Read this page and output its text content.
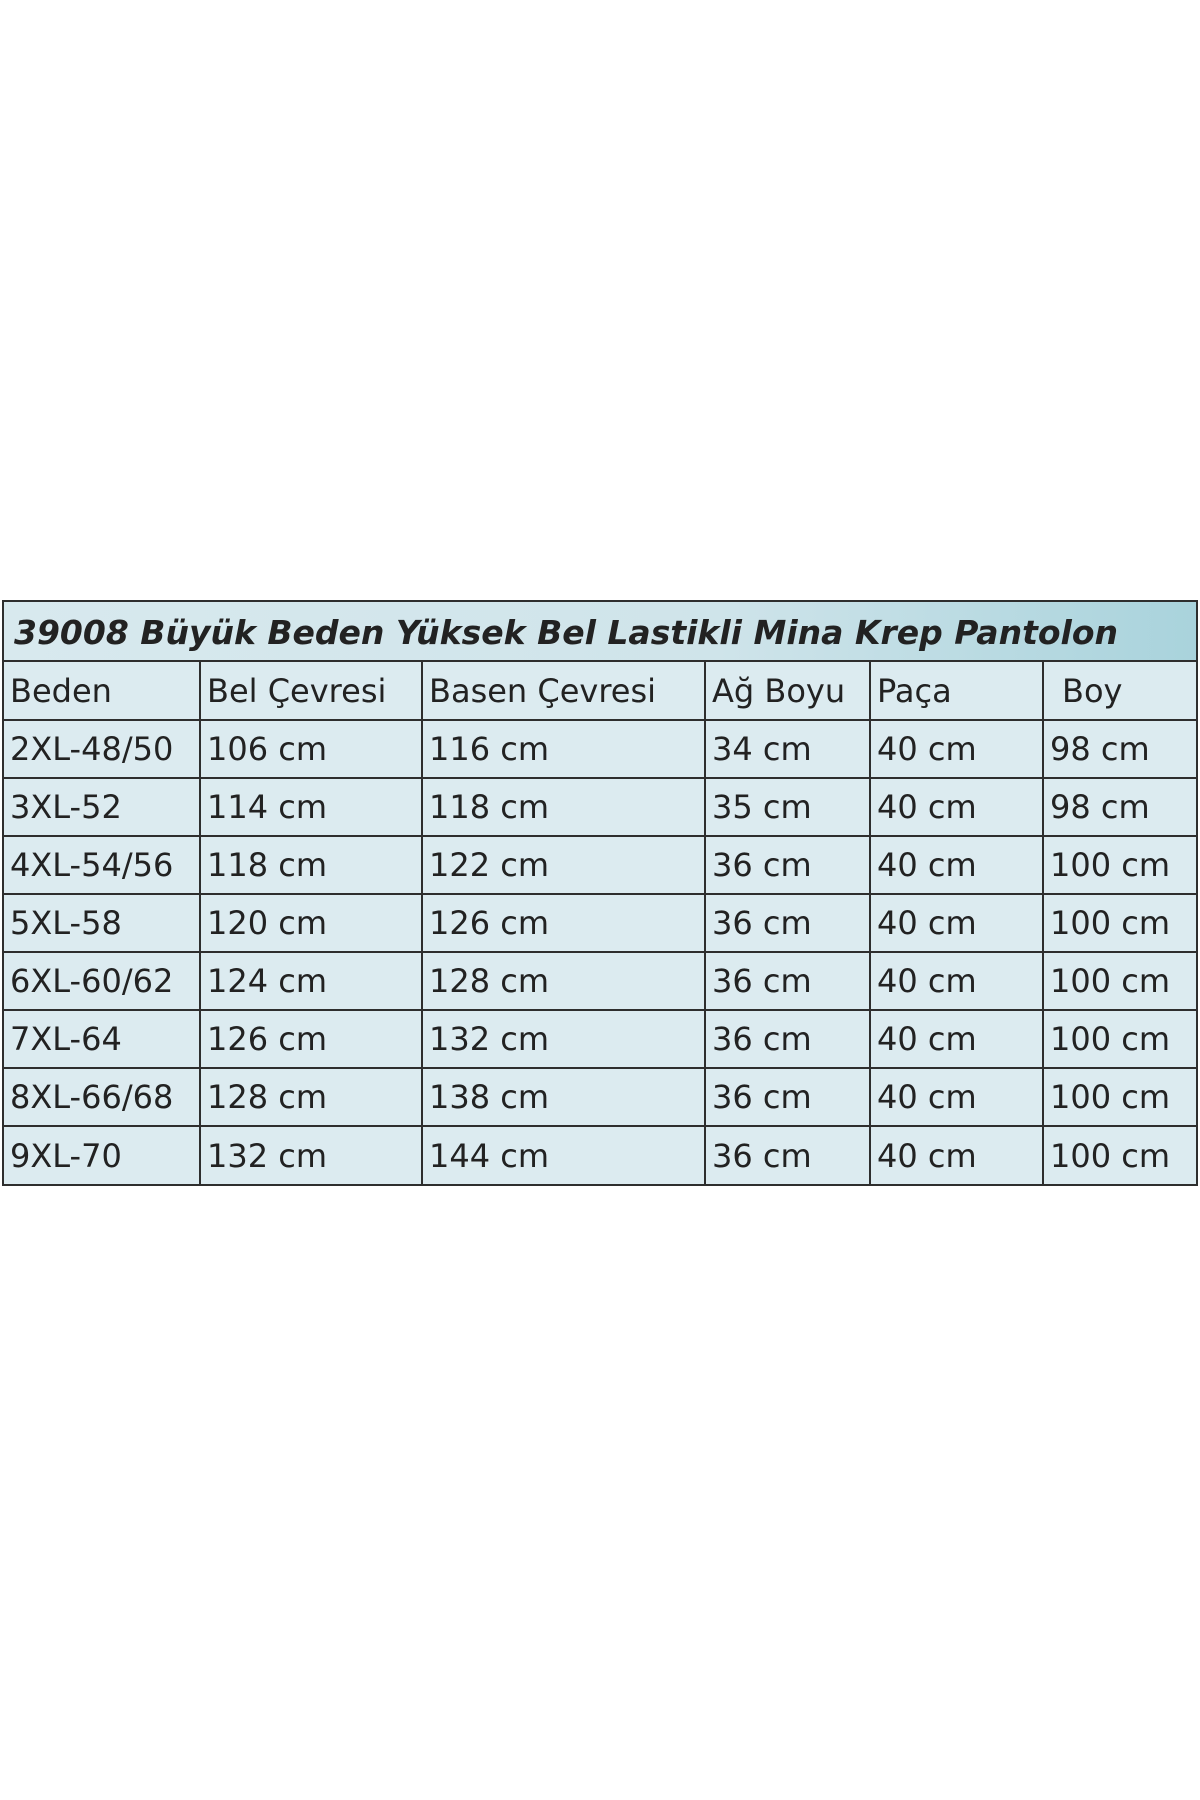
39008 Büyük Beden Yüksek Bel Lastikli Mina Krep Pantolon
Beden	Bel Çevresi	Basen Çevresi	Ağ Boyu	Paça	Boy
2XL-48/50	106 cm	116 cm	34 cm	40 cm	98 cm
3XL-52	114 cm	118 cm	35 cm	40 cm	98 cm
4XL-54/56	118 cm	122 cm	36 cm	40 cm	100 cm
5XL-58	120 cm	126 cm	36 cm	40 cm	100 cm
6XL-60/62	124 cm	128 cm	36 cm	40 cm	100 cm
7XL-64	126 cm	132 cm	36 cm	40 cm	100 cm
8XL-66/68	128 cm	138 cm	36 cm	40 cm	100 cm
9XL-70	132 cm	144 cm	36 cm	40 cm	100 cm
